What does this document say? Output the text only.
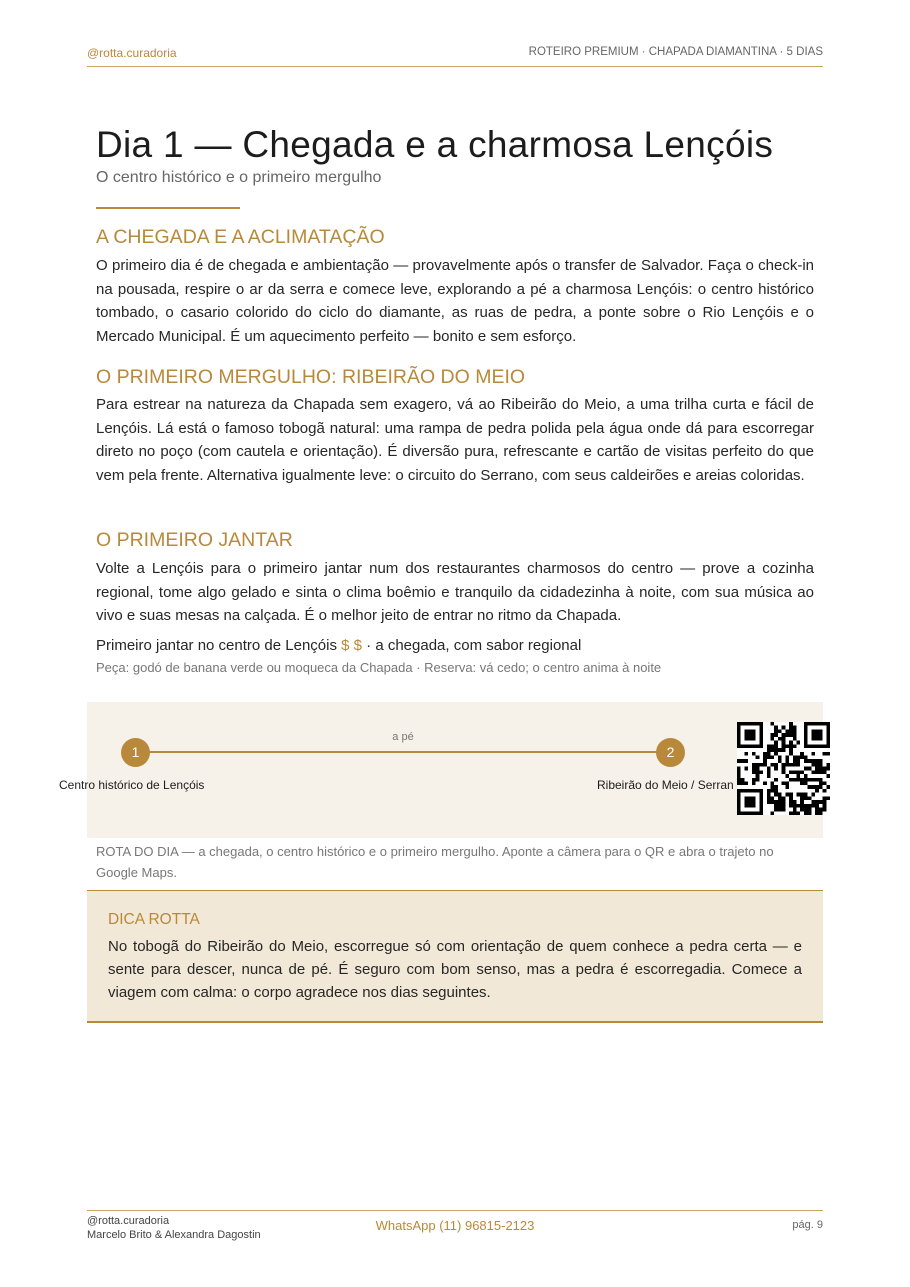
@rotta.curadoria	ROTEIRO PREMIUM · CHAPADA DIAMANTINA · 5 DIAS
Dia 1 — Chegada e a charmosa Lençóis
O centro histórico e o primeiro mergulho
A CHEGADA E A ACLIMATAÇÃO

O primeiro dia é de chegada e ambientação — provavelmente após o transfer de Salvador. Faça o check-in na pousada, respire o ar da serra e comece leve, explorando a pé a charmosa Lençóis: o centro histórico tombado, o casario colorido do ciclo do diamante, as ruas de pedra, a ponte sobre o Rio Lençóis e o Mercado Municipal. É um aquecimento perfeito — bonito e sem esforço.

O PRIMEIRO MERGULHO: RIBEIRÃO DO MEIO

Para estrear na natureza da Chapada sem exagero, vá ao Ribeirão do Meio, a uma trilha curta e fácil de Lençóis. Lá está o famoso tobogã natural: uma rampa de pedra polida pela água onde dá para escorregar direto no poço (com cautela e orientação). É diversão pura, refrescante e cartão de visitas perfeito do que vem pela frente. Alternativa igualmente leve: o circuito do Serrano, com seus caldeirões e areias coloridas.

O PRIMEIRO JANTAR

Volte a Lençóis para o primeiro jantar num dos restaurantes charmosos do centro — prove a cozinha regional, tome algo gelado e sinta o clima boêmio e tranquilo da cidadezinha à noite, com sua música ao vivo e suas mesas na calçada. É o melhor jeito de entrar no ritmo da Chapada.

Primeiro jantar no centro de Lençóis $ $ · a chegada, com sabor regional
Peça: godó de banana verde ou moqueca da Chapada · Reserva: vá cedo; o centro anima à noite
a pé
1	2
Centro histórico de Lençóis	Ribeirão do Meio / Serran

ROTA DO DIA — a chegada, o centro histórico e o primeiro mergulho. Aponte a câmera para o QR e abra o trajeto no Google Maps.

DICA ROTTA

No tobogã do Ribeirão do Meio, escorregue só com orientação de quem conhece a pedra certa — e sente para descer, nunca de pé. É seguro com bom senso, mas a pedra é escorregadia. Comece a viagem com calma: o corpo agradece nos dias seguintes.

@rotta.curadoria
Marcelo Brito & Alexandra Dagostin
WhatsApp (11) 96815-2123	pág. 9
